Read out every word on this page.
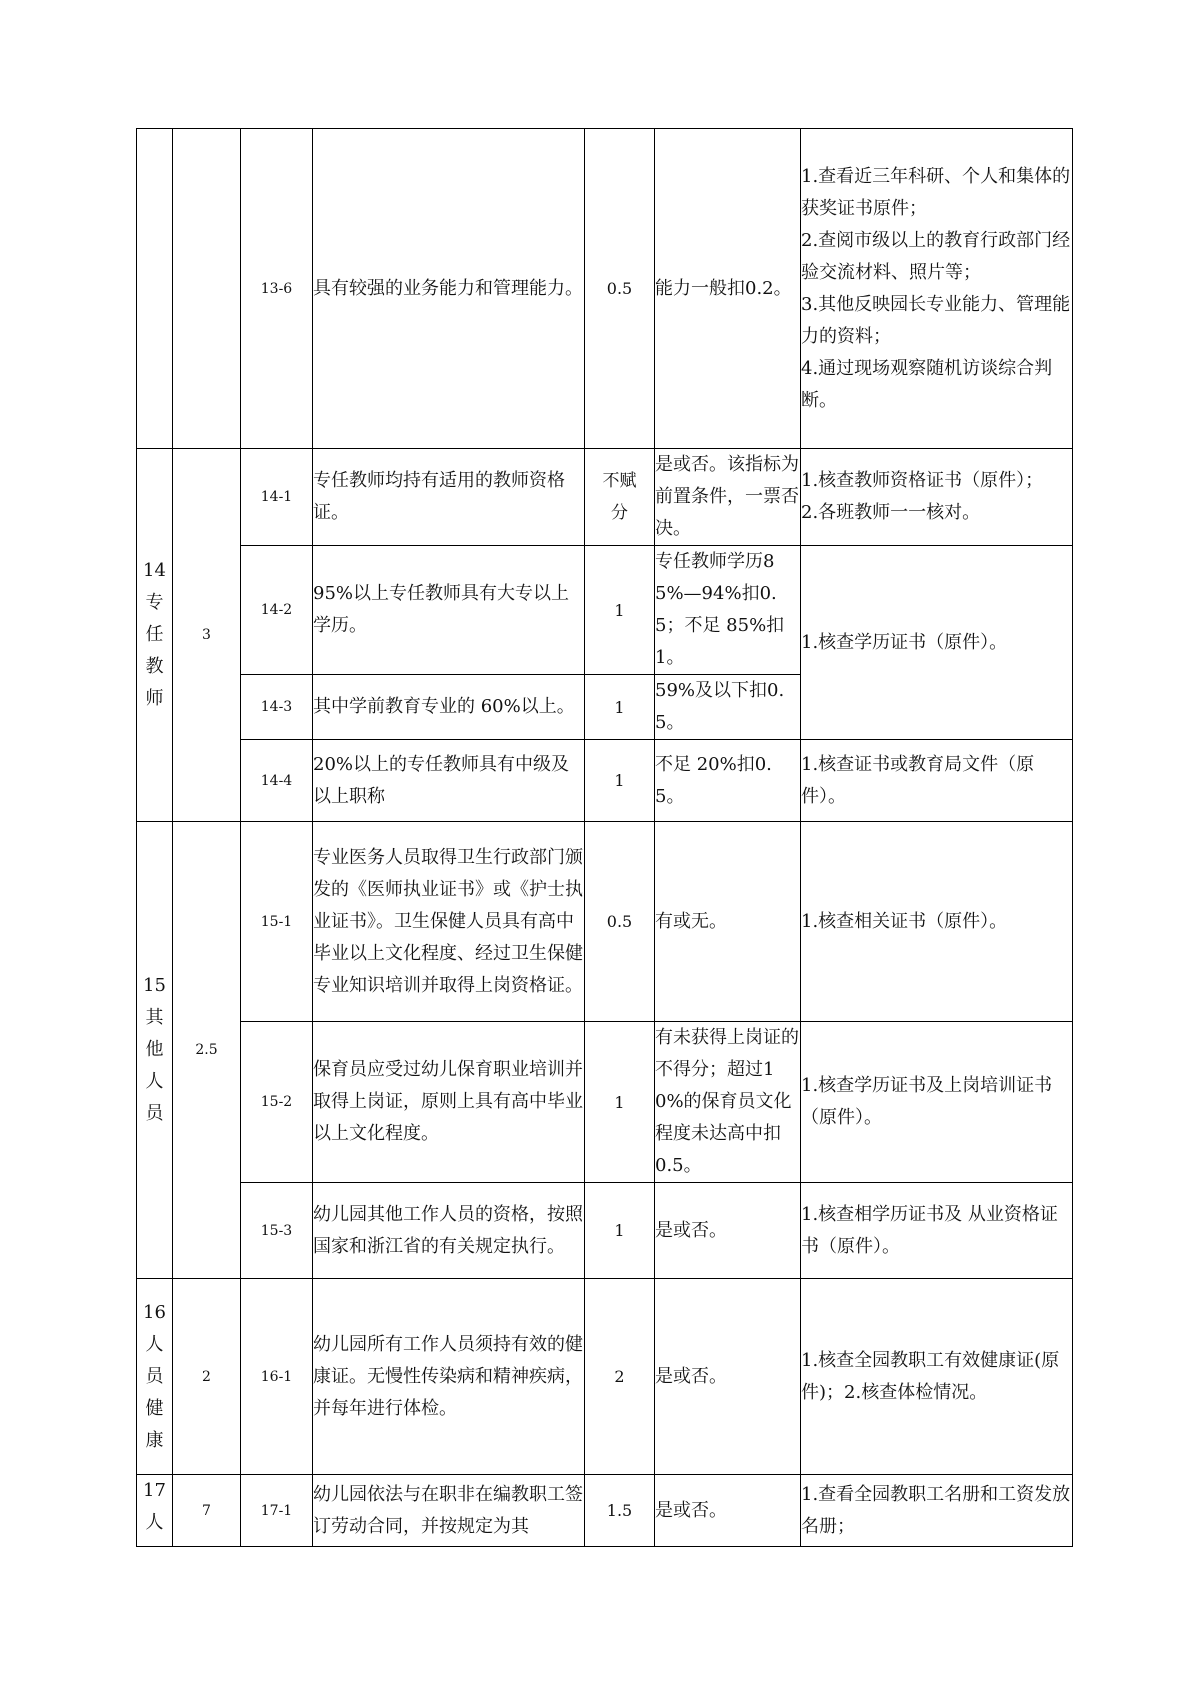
		13-6	具有较强的业务能力和管理能力。	0.5	能力一般扣0.2。	1.查看近三年科研、个人和集体的获奖证书原件；
2.查阅市级以上的教育行政部门经验交流材料、照片等；
3.其他反映园长专业能力、管理能力的资料；
4.通过现场观察随机访谈综合判断。

14
专
任
教
师	3	14-1	专任教师均持有适用的教师资格证。	不赋分	是或否。该指标为前置条件，一票否决。	1.核查教师资格证书（原件）；
2.各班教师一一核对。

		14-2	95%以上专任教师具有大专以上学历。	1	专任教师学历85%—94%扣0.5；不足 85%扣 1。	1.核查学历证书（原件）。

		14-3	其中学前教育专业的 60%以上。	1	59%及以下扣0.5。	
		14-4	20%以上的专任教师具有中级及以上职称	1	不足 20%扣0.5。	1.核查证书或教育局文件（原件）。

15
其
他
人
员	2.5	15-1	专业医务人员取得卫生行政部门颁发的《医师执业证书》或《护士执业证书》。卫生保健人员具有高中毕业以上文化程度、经过卫生保健专业知识培训并取得上岗资格证。	0.5	有或无。	1.核查相关证书（原件）。

		15-2	保育员应受过幼儿保育职业培训并取得上岗证，原则上具有高中毕业以上文化程度。	1	有未获得上岗证的不得分；超过10%的保育员文化程度未达高中扣 0.5。	1.核查学历证书及上岗培训证书（原件）。

		15-3	幼儿园其他工作人员的资格，按照国家和浙江省的有关规定执行。	1	是或否。	1.核查相学历证书及 从业资格证书（原件）。

16
人
员
健
康	2	16-1	幼儿园所有工作人员须持有效的健康证。无慢性传染病和精神疾病，并每年进行体检。	2	是或否。	1.核查全园教职工有效健康证(原件)；2.核查体检情况。

17
人	7	17-1	幼儿园依法与在职非在编教职工签订劳动合同，并按规定为其	1.5	是或否。	1.查看全园教职工名册和工资发放名册；
